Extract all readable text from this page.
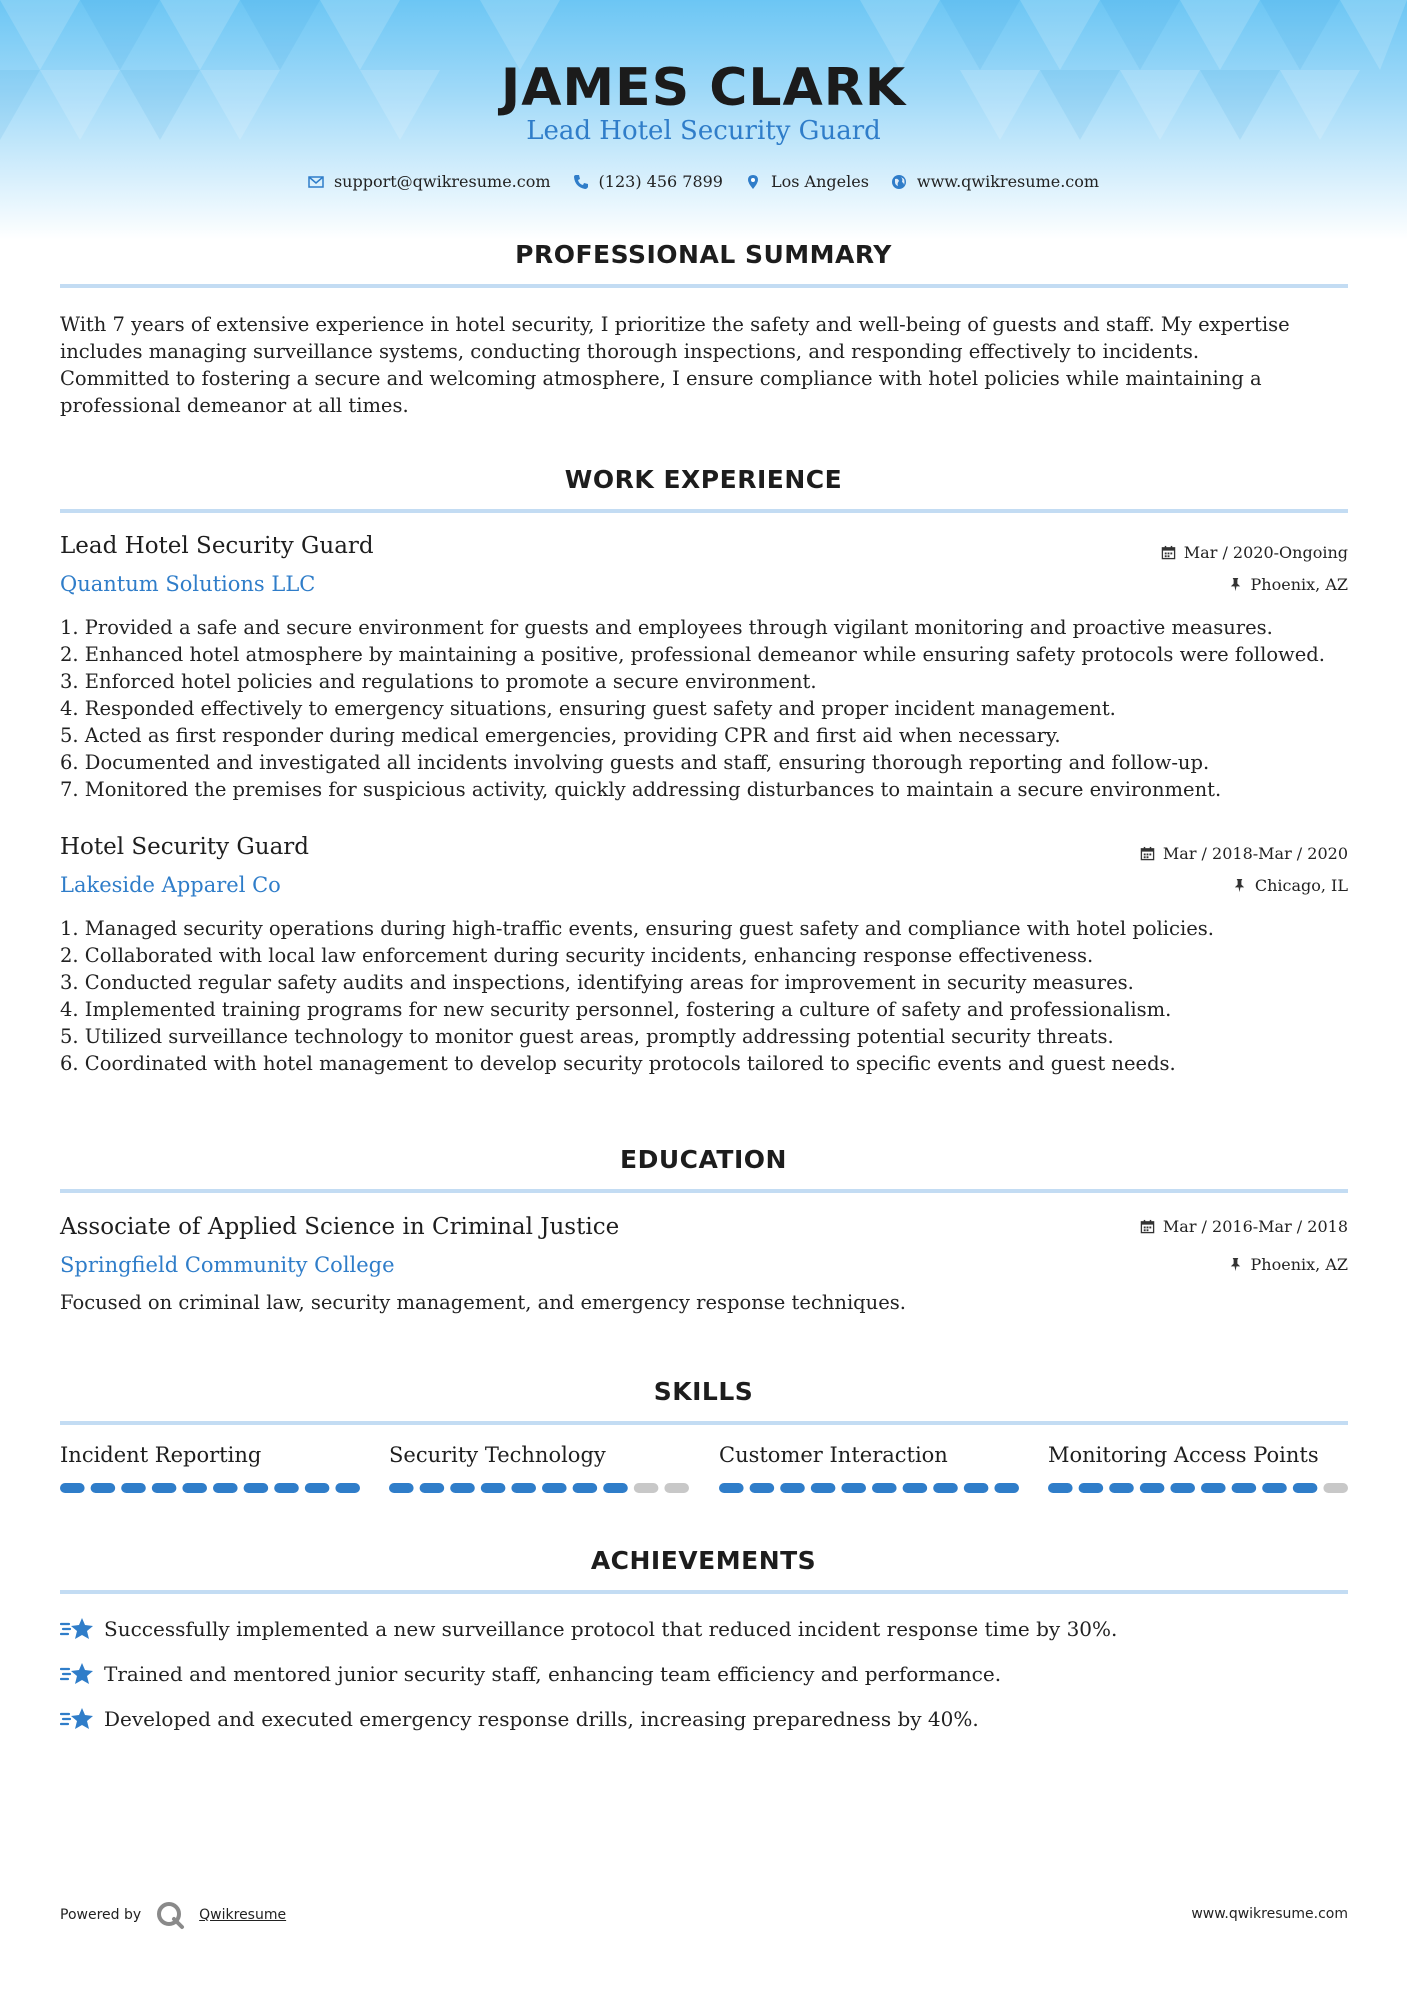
JAMES CLARK
Lead Hotel Security Guard
support@qwikresume.com	(123) 456 7899	Los Angeles	www.qwikresume.com
PROFESSIONAL SUMMARY
With 7 years of extensive experience in hotel security, I prioritize the safety and well-being of guests and staff. My expertise
includes managing surveillance systems, conducting thorough inspections, and responding effectively to incidents.
Committed to fostering a secure and welcoming atmosphere, I ensure compliance with hotel policies while maintaining a
professional demeanor at all times.
WORK EXPERIENCE
Lead Hotel Security Guard
Quantum Solutions LLC
Mar / 2020-Ongoing
Phoenix, AZ
1. Provided a safe and secure environment for guests and employees through vigilant monitoring and proactive measures.
2. Enhanced hotel atmosphere by maintaining a positive, professional demeanor while ensuring safety protocols were followed.
3. Enforced hotel policies and regulations to promote a secure environment.
4. Responded effectively to emergency situations, ensuring guest safety and proper incident management.
5. Acted as first responder during medical emergencies, providing CPR and first aid when necessary.
6. Documented and investigated all incidents involving guests and staff, ensuring thorough reporting and follow-up.
7. Monitored the premises for suspicious activity, quickly addressing disturbances to maintain a secure environment.
Hotel Security Guard
Lakeside Apparel Co
Mar / 2018-Mar / 2020
Chicago, IL
1. Managed security operations during high-traffic events, ensuring guest safety and compliance with hotel policies.
2. Collaborated with local law enforcement during security incidents, enhancing response effectiveness.
3. Conducted regular safety audits and inspections, identifying areas for improvement in security measures.
4. Implemented training programs for new security personnel, fostering a culture of safety and professionalism.
5. Utilized surveillance technology to monitor guest areas, promptly addressing potential security threats.
6. Coordinated with hotel management to develop security protocols tailored to specific events and guest needs.
EDUCATION
Associate of Applied Science in Criminal Justice
Springfield Community College
Mar / 2016-Mar / 2018
Phoenix, AZ
Focused on criminal law, security management, and emergency response techniques.
SKILLS
Incident Reporting	Security Technology	Customer Interaction	Monitoring Access Points
ACHIEVEMENTS
Successfully implemented a new surveillance protocol that reduced incident response time by 30%.
Trained and mentored junior security staff, enhancing team efficiency and performance.
Developed and executed emergency response drills, increasing preparedness by 40%.
Powered by	Qwikresume	www.qwikresume.com
